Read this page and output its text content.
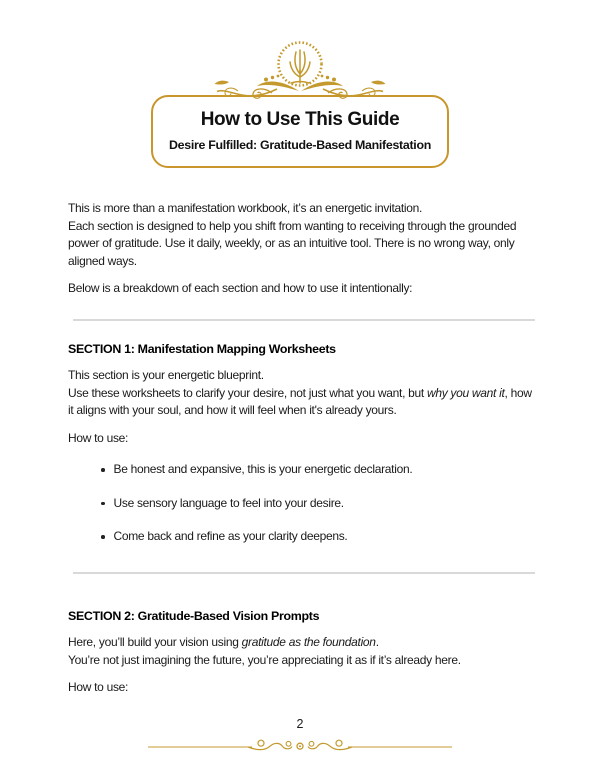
How to Use This Guide
Desire Fulfilled: Gratitude-Based Manifestation

This is more than a manifestation workbook, it’s an energetic invitation.

Each section is designed to help you shift from wanting to receiving through the grounded power of gratitude. Use it daily, weekly, or as an intuitive tool. There is no wrong way, only aligned ways.

Below is a breakdown of each section and how to use it intentionally:

SECTION 1: Manifestation Mapping Worksheets

This section is your energetic blueprint.

Use these worksheets to clarify your desire, not just what you want, but why you want it, how it aligns with your soul, and how it will feel when it's already yours.

How to use:

Be honest and expansive, this is your energetic declaration.
Use sensory language to feel into your desire.
Come back and refine as your clarity deepens.
SECTION 2: Gratitude-Based Vision Prompts

Here, you’ll build your vision using gratitude as the foundation.

You’re not just imagining the future, you’re appreciating it as if it’s already here.

How to use:

2
